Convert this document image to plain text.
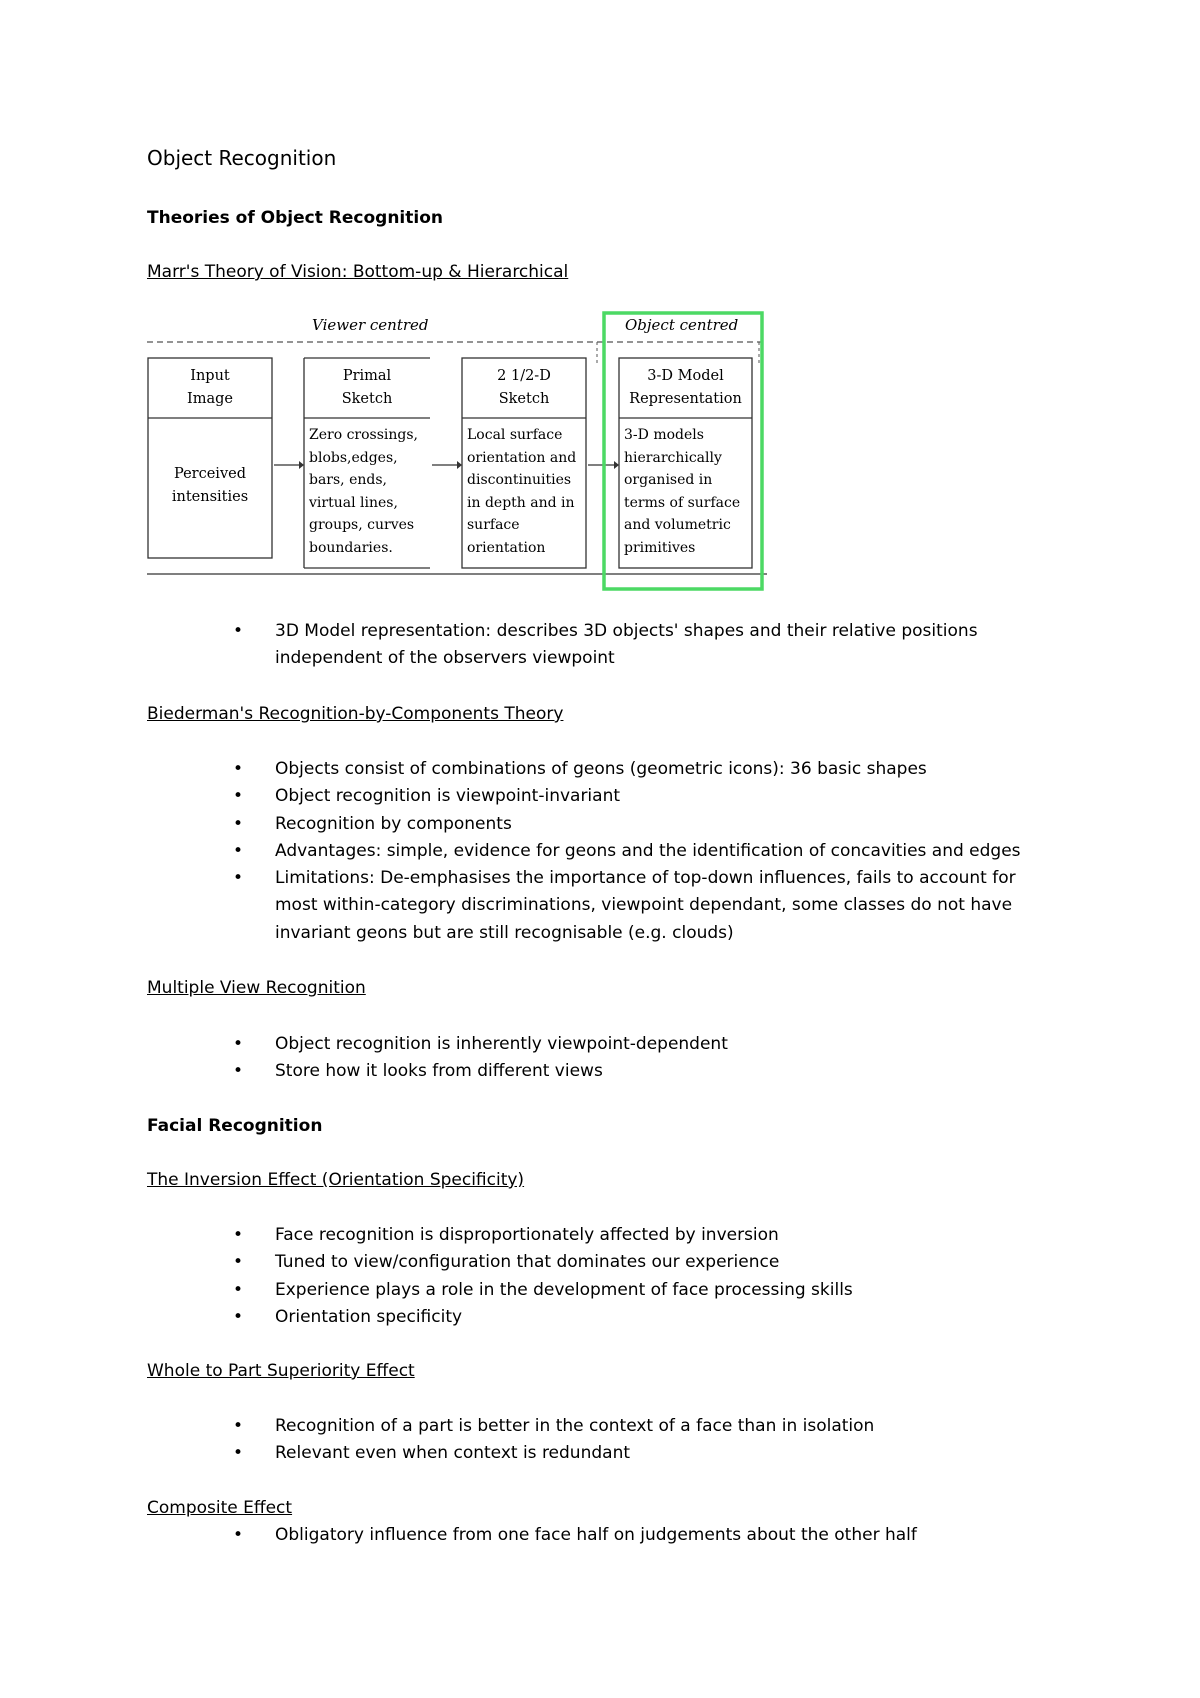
Object Recognition

Theories of Object Recognition

Marr's Theory of Vision: Bottom-up & Hierarchical

Viewer centred	Object centred
Input
Image
Perceived
intensities
Primal
Sketch
Zero crossings,
blobs,edges,
bars, ends,
virtual lines,
groups, curves
boundaries.
2 1/2-D
Sketch
Local surface
orientation and
discontinuities
in depth and in
surface
orientation
3-D Model
Representation
3-D models
hierarchically
organised in
terms of surface
and volumetric
primitives
• 3D Model representation: describes 3D objects' shapes and their relative positions
independent of the observers viewpoint

Biederman's Recognition-by-Components Theory

• Objects consist of combinations of geons (geometric icons): 36 basic shapes
• Object recognition is viewpoint-invariant
• Recognition by components
• Advantages: simple, evidence for geons and the identification of concavities and edges
• Limitations: De-emphasises the importance of top-down influences, fails to account for
most within-category discriminations, viewpoint dependant, some classes do not have
invariant geons but are still recognisable (e.g. clouds)

Multiple View Recognition

• Object recognition is inherently viewpoint-dependent
• Store how it looks from different views

Facial Recognition

The Inversion Effect (Orientation Specificity)

• Face recognition is disproportionately affected by inversion
• Tuned to view/configuration that dominates our experience
• Experience plays a role in the development of face processing skills
• Orientation specificity

Whole to Part Superiority Effect

• Recognition of a part is better in the context of a face than in isolation
• Relevant even when context is redundant

Composite Effect

• Obligatory influence from one face half on judgements about the other half
